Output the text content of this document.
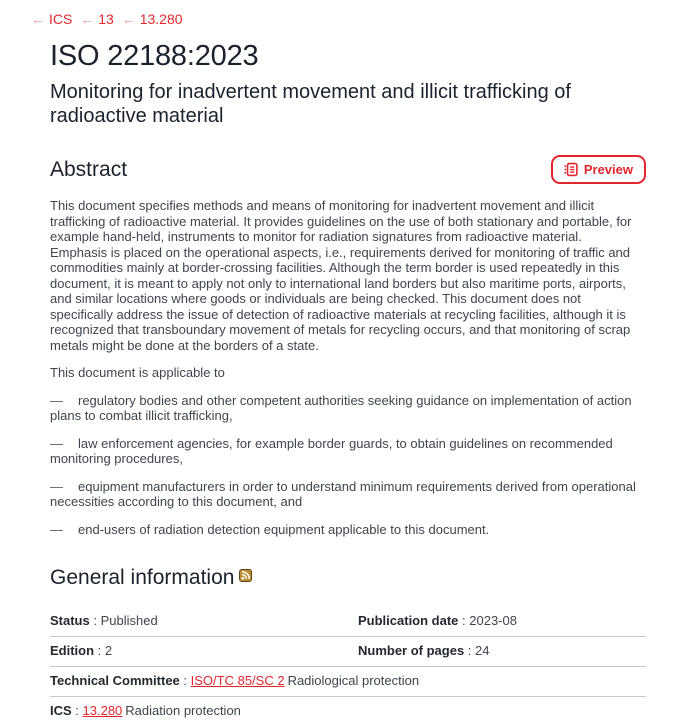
← ICS ← 13 ← 13.280
ISO 22188:2023
Monitoring for inadvertent movement and illicit trafficking of radioactive material
Abstract	Preview

This document specifies methods and means of monitoring for inadvertent movement and illicit trafficking of radioactive material. It provides guidelines on the use of both stationary and portable, for example hand-held, instruments to monitor for radiation signatures from radioactive material. Emphasis is placed on the operational aspects, i.e., requirements derived for monitoring of traffic and commodities mainly at border-crossing facilities. Although the term border is used repeatedly in this document, it is meant to apply not only to international land borders but also maritime ports, airports, and similar locations where goods or individuals are being checked. This document does not specifically address the issue of detection of radioactive materials at recycling facilities, although it is recognized that transboundary movement of metals for recycling occurs, and that monitoring of scrap metals might be done at the borders of a state.

This document is applicable to

— regulatory bodies and other competent authorities seeking guidance on implementation of action plans to combat illicit trafficking,

— law enforcement agencies, for example border guards, to obtain guidelines on recommended monitoring procedures,

— equipment manufacturers in order to understand minimum requirements derived from operational necessities according to this document, and

— end-users of radiation detection equipment applicable to this document.

General information
Status : Published	Publication date : 2023-08
Edition : 2	Number of pages : 24
Technical Committee : ISO/TC 85/SC 2 Radiological protection
ICS : 13.280 Radiation protection
